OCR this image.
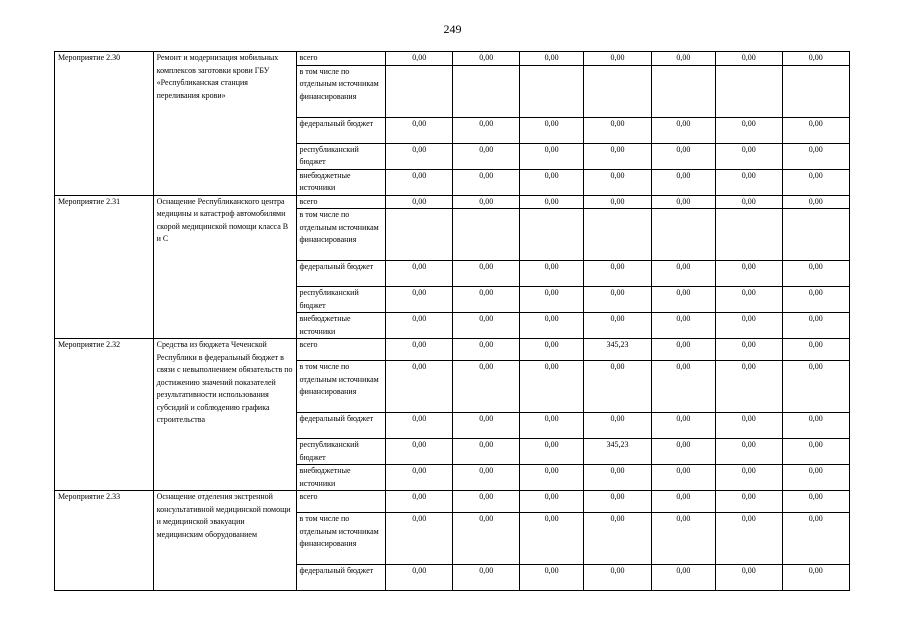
249
Мероприятие 2.30	Ремонт и модернизация мобильных комплексов заготовки крови ГБУ «Республиканская станция переливания крови»	всего	0,00	0,00	0,00	0,00	0,00	0,00	0,00
		в том числе по отдельным источникам финансирования							
		федеральный бюджет	0,00	0,00	0,00	0,00	0,00	0,00	0,00
		республиканский бюджет	0,00	0,00	0,00	0,00	0,00	0,00	0,00
		внебюджетные источники	0,00	0,00	0,00	0,00	0,00	0,00	0,00
Мероприятие 2.31	Оснащение Республиканского центра медицины и катастроф автомобилями скорой медицинской помощи класса В и С	всего	0,00	0,00	0,00	0,00	0,00	0,00	0,00
		в том числе по отдельным источникам финансирования							
		федеральный бюджет	0,00	0,00	0,00	0,00	0,00	0,00	0,00
		республиканский бюджет	0,00	0,00	0,00	0,00	0,00	0,00	0,00
		внебюджетные источники	0,00	0,00	0,00	0,00	0,00	0,00	0,00
Мероприятие 2.32	Средства из бюджета Чеченской Республики в федеральный бюджет в связи с невыполнением обязательств по достижению значений показателей результативности использования субсидий и соблюдению графика строительства	всего	0,00	0,00	0,00	345,23	0,00	0,00	0,00
		в том числе по отдельным источникам финансирования	0,00	0,00	0,00	0,00	0,00	0,00	0,00
		федеральный бюджет	0,00	0,00	0,00	0,00	0,00	0,00	0,00
		республиканский бюджет	0,00	0,00	0,00	345,23	0,00	0,00	0,00
		внебюджетные источники	0,00	0,00	0,00	0,00	0,00	0,00	0,00
Мероприятие 2.33	Оснащение отделения экстренной консультативной медицинской помощи и медицинской эвакуации медицинским оборудованием	всего	0,00	0,00	0,00	0,00	0,00	0,00	0,00
		в том числе по отдельным источникам финансирования	0,00	0,00	0,00	0,00	0,00	0,00	0,00
		федеральный бюджет	0,00	0,00	0,00	0,00	0,00	0,00	0,00
